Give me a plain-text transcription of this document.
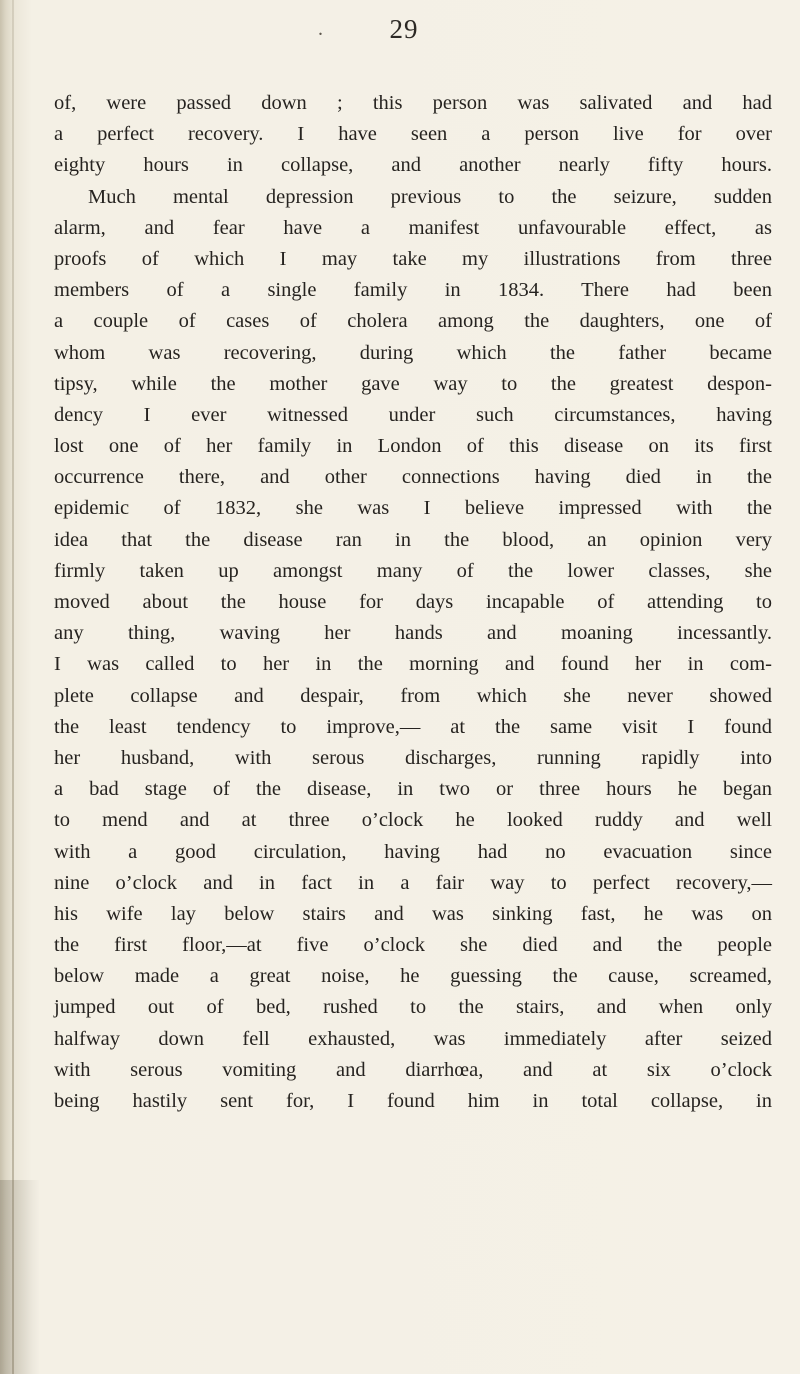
.	29
of, were passed down ; this person was salivated and had
a perfect recovery. I have seen a person live for over
eighty hours in collapse, and another nearly fifty hours.
Much mental depression previous to the seizure, sudden
alarm, and fear have a manifest unfavourable effect, as
proofs of which I may take my illustrations from three
members of a single family in 1834. There had been
a couple of cases of cholera among the daughters, one of
whom was recovering, during which the father became
tipsy, while the mother gave way to the greatest despon-
dency I ever witnessed under such circumstances, having
lost one of her family in London of this disease on its first
occurrence there, and other connections having died in the
epidemic of 1832, she was I believe impressed with the
idea that the disease ran in the blood, an opinion very
firmly taken up amongst many of the lower classes, she
moved about the house for days incapable of attending to
any thing, waving her hands and moaning incessantly.
I was called to her in the morning and found her in com-
plete collapse and despair, from which she never showed
the least tendency to improve,— at the same visit I found
her husband, with serous discharges, running rapidly into
a bad stage of the disease, in two or three hours he began
to mend and at three o’clock he looked ruddy and well
with a good circulation, having had no evacuation since
nine o’clock and in fact in a fair way to perfect recovery,—
his wife lay below stairs and was sinking fast, he was on
the first floor,—at five o’clock she died and the people
below made a great noise, he guessing the cause, screamed,
jumped out of bed, rushed to the stairs, and when only
halfway down fell exhausted, was immediately after seized
with serous vomiting and diarrhœa, and at six o’clock
being hastily sent for, I found him in total collapse, in
